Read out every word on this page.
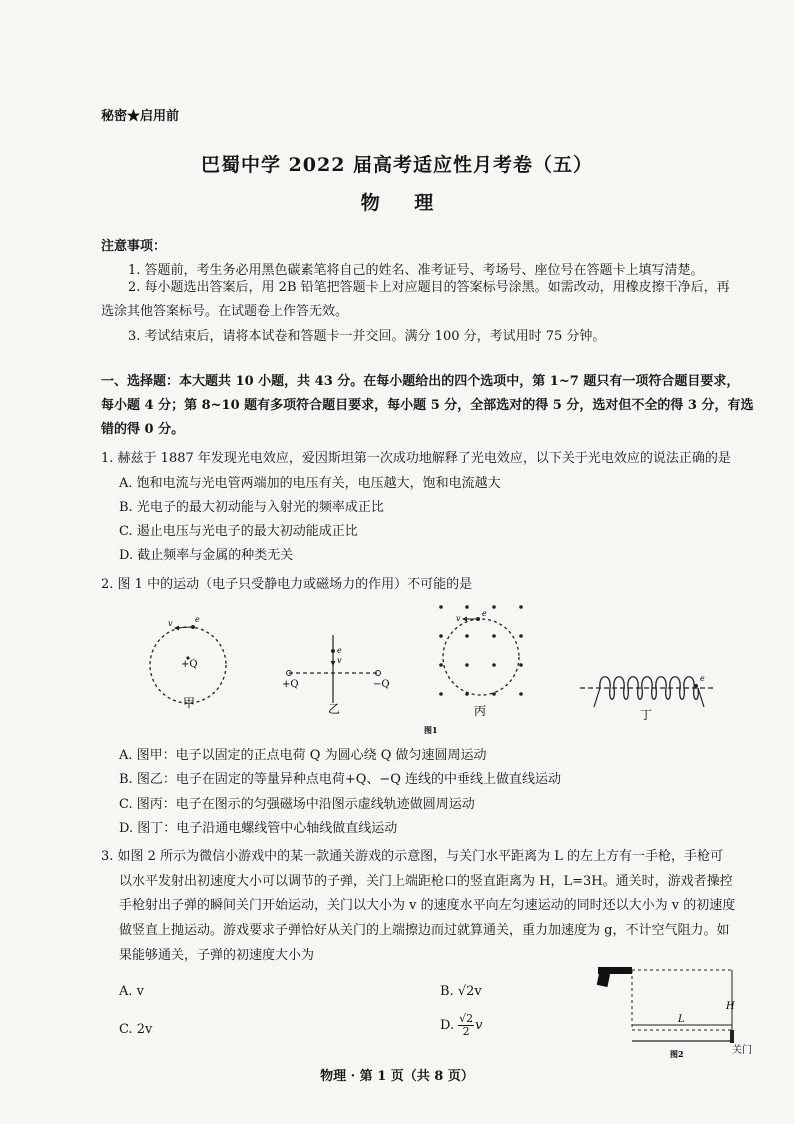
秘密★启用前
巴蜀中学 2022 届高考适应性月考卷（五）
物 理
注意事项：
1. 答题前，考生务必用黑色碳素笔将自己的姓名、准考证号、考场号、座位号在答题卡上填写清楚。
2. 每小题选出答案后，用 2B 铅笔把答题卡上对应题目的答案标号涂黑。如需改动，用橡皮擦干净后，再
选涂其他答案标号。在试题卷上作答无效。
3. 考试结束后，请将本试卷和答题卡一并交回。满分 100 分，考试用时 75 分钟。
一、选择题：本大题共 10 小题，共 43 分。在每小题给出的四个选项中，第 1~7 题只有一项符合题目要求，
每小题 4 分；第 8~10 题有多项符合题目要求，每小题 5 分，全部选对的得 5 分，选对但不全的得 3 分，有选
错的得 0 分。
1. 赫兹于 1887 年发现光电效应，爱因斯坦第一次成功地解释了光电效应，以下关于光电效应的说法正确的是
A. 饱和电流与光电管两端加的电压有关，电压越大，饱和电流越大
B. 光电子的最大初动能与入射光的频率成正比
C. 遏止电压与光电子的最大初动能成正比
D. 截止频率与金属的种类无关
2. 图 1 中的运动（电子只受静电力或磁场力的作用）不可能的是
+Q
v	e
甲
+Q	−Q
e
v
乙
v
e
丙
e
丁
图1
A. 图甲：电子以固定的正点电荷 Q 为圆心绕 Q 做匀速圆周运动
B. 图乙：电子在固定的等量异种点电荷+Q、−Q 连线的中垂线上做直线运动
C. 图丙：电子在图示的匀强磁场中沿图示虚线轨迹做圆周运动
D. 图丁：电子沿通电螺线管中心轴线做直线运动
3. 如图 2 所示为微信小游戏中的某一款通关游戏的示意图，与关门水平距离为 L 的左上方有一手枪，手枪可
以水平发射出初速度大小可以调节的子弹，关门上端距枪口的竖直距离为 H，L=3H。通关时，游戏者操控
手枪射出子弹的瞬间关门开始运动，关门以大小为 v 的速度水平向左匀速运动的同时还以大小为 v 的初速度
做竖直上抛运动。游戏要求子弹恰好从关门的上端擦边而过就算通关，重力加速度为 g，不计空气阻力。如
果能够通关，子弹的初速度大小为
A. v	B. √2v
C. 2v	D. $\frac{√2}{2}$ v
H
L
图2	关门
物理 · 第 1 页（共 8 页）
